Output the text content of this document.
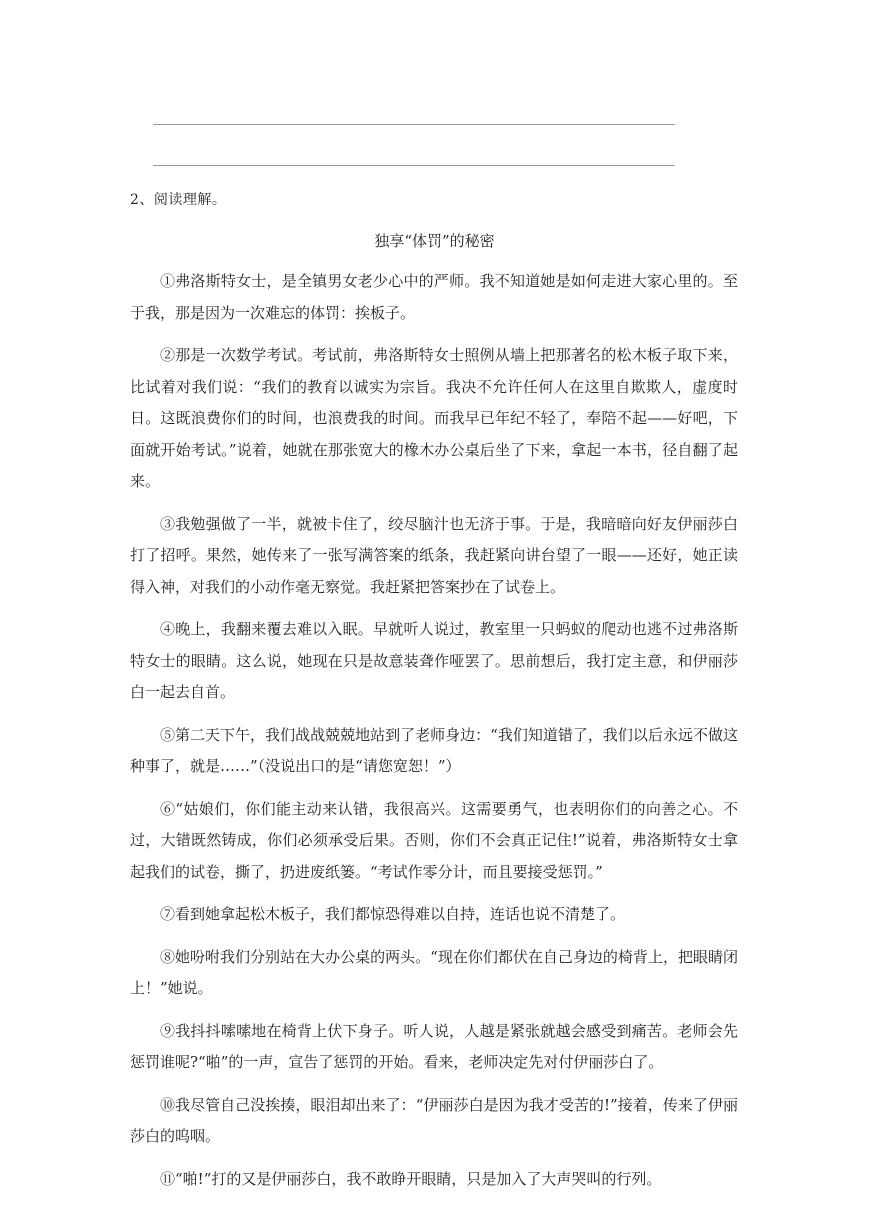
2、阅读理解。
独享“体罚”的秘密

①弗洛斯特女士，是全镇男女老少心中的严师。我不知道她是如何走进大家心里的。至于我，那是因为一次难忘的体罚：挨板子。

②那是一次数学考试。考试前，弗洛斯特女士照例从墙上把那著名的松木板子取下来，比试着对我们说：“我们的教育以诚实为宗旨。我决不允许任何人在这里自欺欺人，虚度时日。这既浪费你们的时间，也浪费我的时间。而我早已年纪不轻了，奉陪不起——好吧，下面就开始考试。”说着，她就在那张宽大的橡木办公桌后坐了下来，拿起一本书，径自翻了起来。

③我勉强做了一半，就被卡住了，绞尽脑汁也无济于事。于是，我暗暗向好友伊丽莎白打了招呼。果然，她传来了一张写满答案的纸条，我赶紧向讲台望了一眼——还好，她正读得入神，对我们的小动作毫无察觉。我赶紧把答案抄在了试卷上。

④晚上，我翻来覆去难以入眠。早就听人说过，教室里一只蚂蚁的爬动也逃不过弗洛斯特女士的眼睛。这么说，她现在只是故意装聋作哑罢了。思前想后，我打定主意，和伊丽莎白一起去自首。

⑤第二天下午，我们战战兢兢地站到了老师身边：“我们知道错了，我们以后永远不做这种事了，就是……”（没说出口的是“请您宽恕！”）

⑥“姑娘们，你们能主动来认错，我很高兴。这需要勇气，也表明你们的向善之心。不过，大错既然铸成，你们必须承受后果。否则，你们不会真正记住!”说着，弗洛斯特女士拿起我们的试卷，撕了，扔进废纸篓。“考试作零分计，而且要接受惩罚。”

⑦看到她拿起松木板子，我们都惊恐得难以自持，连话也说不清楚了。

⑧她吩咐我们分别站在大办公桌的两头。“现在你们都伏在自己身边的椅背上，把眼睛闭上！”她说。

⑨我抖抖嗦嗦地在椅背上伏下身子。听人说，人越是紧张就越会感受到痛苦。老师会先惩罚谁呢?“啪”的一声，宣告了惩罚的开始。看来，老师决定先对付伊丽莎白了。

⑩我尽管自己没挨揍，眼泪却出来了：“伊丽莎白是因为我才受苦的!”接着，传来了伊丽莎白的呜咽。

⑪“啪!”打的又是伊丽莎白，我不敢睁开眼睛，只是加入了大声哭叫的行列。
